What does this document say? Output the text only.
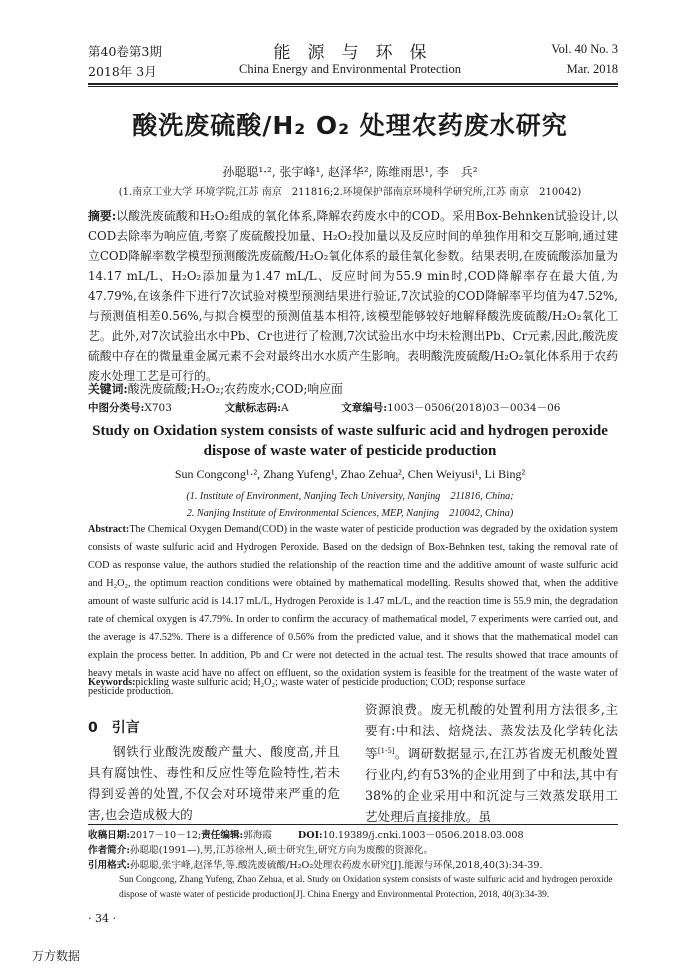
第40卷第3期
2018年 3月
能　源　与　环　保
China Energy and Environmental Protection
Vol. 40 No. 3
Mar. 2018
酸洗废硫酸/H₂ O₂ 处理农药废水研究
孙聪聪¹·², 张宇峰¹, 赵泽华², 陈维雨思¹, 李　兵²
(1.南京工业大学 环境学院,江苏 南京　211816;2.环境保护部南京环境科学研究所,江苏 南京　210042)
摘要:以酸洗废硫酸和H₂O₂组成的氧化体系,降解农药废水中的COD。采用Box-Behnken试验设计,以COD去除率为响应值,考察了废硫酸投加量、H₂O₂投加量以及反应时间的单独作用和交互影响,通过建立COD降解率数学模型预测酸洗废硫酸/H₂O₂氧化体系的最佳氧化参数。结果表明,在废硫酸添加量为14.17 mL/L、H₂O₂添加量为1.47 mL/L、反应时间为55.9 min时,COD降解率存在最大值,为47.79%,在该条件下进行7次试验对模型预测结果进行验证,7次试验的COD降解率平均值为47.52%,与预测值相差0.56%,与拟合模型的预测值基本相符,该模型能够较好地解释酸洗废硫酸/H₂O₂氧化工艺。此外,对7次试验出水中Pb、Cr也进行了检测,7次试验出水中均未检测出Pb、Cr元素,因此,酸洗废硫酸中存在的微量重金属元素不会对最终出水水质产生影响。表明酸洗废硫酸/H₂O₂氧化体系用于农药废水处理工艺是可行的。
关键词:酸洗废硫酸;H₂O₂;农药废水;COD;响应面
中图分类号:X703	文献标志码:A	文章编号:1003－0506(2018)03－0034－06
Study on Oxidation system consists of waste sulfuric acid and hydrogen peroxide
dispose of waste water of pesticide production
Sun Congcong¹·², Zhang Yufeng¹, Zhao Zehua², Chen Weiyusi¹, Li Bing²
(1. Institute of Environment, Nanjing Tech University, Nanjing　211816, China;
2. Nanjing Institute of Environmental Sciences, MEP, Nanjing　210042, China)
Abstract:The Chemical Oxygen Demand(COD) in the waste water of pesticide production was degraded by the oxidation system consists of waste sulfuric acid and Hydrogen Peroxide. Based on the dedsign of Box-Behnken test, taking the removal rate of COD as response value, the authors studied the relationship of the reaction time and the additive amount of waste sulfuric acid and H₂O₂, the optimum reaction conditions were obtained by mathematical modelling. Results showed that, when the additive amount of waste sulfuric acid is 14.17 mL/L, Hydrogen Peroxide is 1.47 mL/L, and the reaction time is 55.9 min, the degradation rate of chemical oxygen is 47.79%. In order to confirm the accuracy of mathematical model, 7 experiments were carried out, and the average is 47.52%. There is a difference of 0.56% from the predicted value, and it shows that the mathematical model can explain the process better. In addition, Pb and Cr were not detected in the actual test. The results showed that trace amounts of heavy metals in waste acid have no affect on effluent, so the oxidation system is feasible for the treatment of the waste water of pesticide production.
Keywords:pickling waste sulfuric acid; H₂O₂; waste water of pesticide production; COD; response surface
0 引言
钢铁行业酸洗废酸产量大、酸度高,并且具有腐蚀性、毒性和反应性等危险特性,若未得到妥善的处置,不仅会对环境带来严重的危害,也会造成极大的
资源浪费。废无机酸的处置利用方法很多,主要有:中和法、焙烧法、蒸发法及化学转化法等[1-5]。调研数据显示,在江苏省废无机酸处置行业内,约有53%的企业用到了中和法,其中有38%的企业采用中和沉淀与三效蒸发联用工艺处理后直接排放。虽
收稿日期:2017－10－12;责任编辑:郭海霞	DOI:10.19389/j.cnki.1003－0506.2018.03.008
作者简介:孙聪聪(1991—),男,江苏徐州人,硕士研究生,研究方向为废酸的资源化。
引用格式:孙聪聪,张宇峰,赵泽华,等.酸洗废硫酸/H₂O₂处理农药废水研究[J].能源与环保,2018,40(3):34-39.
Sun Congcong, Zhang Yufeng, Zhao Zehua, et al. Study on Oxidation system consists of waste sulfuric acid and hydrogen peroxide dispose of waste water of pesticide production[J]. China Energy and Environmental Protection, 2018, 40(3):34-39.
· 34 ·
万方数据
